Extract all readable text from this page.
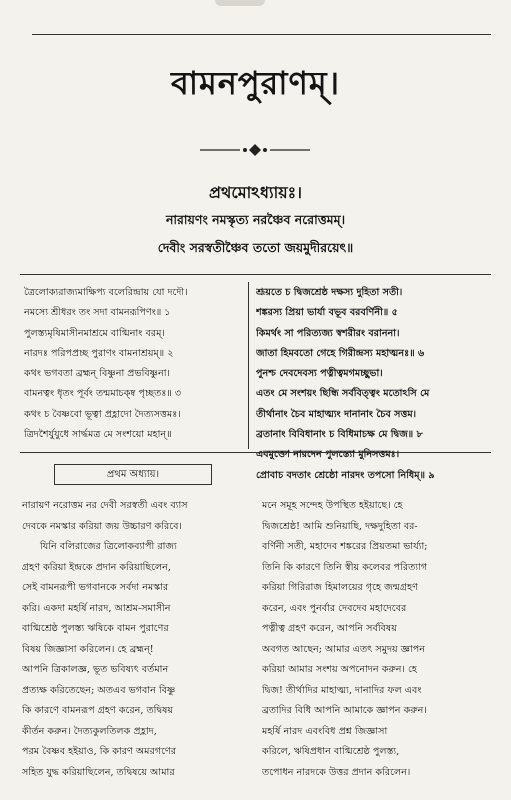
বামনপুরাণম্।
প্রথমোঽধ্যায়ঃ।
নারায়ণং নমস্কৃত্য নরঞ্চৈব নরোত্তমম্।
দেবীং সরস্বতীঞ্চৈব ততো জয়মুদীরয়েৎ॥
ত্রৈলোক্যরাজ্যমাক্ষিপ্য বলেরিন্দ্রায় যো দদৌ।
নমস্যে শ্রীধরং তং সদা বামনরূপিণং॥ ১
পুলস্ত্যমৃষিমাসীনমাশ্রমে বাগ্মিনাং বরম্।
নারদঃ পরিপপ্রচ্ছ পুরাণং বামনাশ্রয়ম্॥ ২
কথং ভগবতা ব্রহ্মন্ বিষ্ণুনা প্রভবিষ্ণুনা।
বামনত্বং ধৃতং পূর্বং তন্মমাচক্ষ্ব পৃচ্ছতঃ॥ ৩
কথং চ বৈষ্ণবো ভূত্বা প্রহ্লাদো দৈত্যসত্তমঃ।
ত্রিদশৈর্যুযুধে সার্দ্ধমত্র মে সংশয়ো মহান্॥
শ্রূয়তে চ দ্বিজশ্রেষ্ঠ দক্ষস্য দুহিতা সতী।
শঙ্করস্য প্রিয়া ভার্যা বভূব বরবর্ণিনী॥ ৫
কিমর্থং সা পরিত্যজ্য স্বশরীরং বরাননা।
জাতা হিমবতো গেহে গিরীন্দ্রস্য মহাত্মনঃ॥ ৬
পুনশ্চ দেবদেবস্য পত্নীত্বমগমচ্ছুভা।
এতং মে সংশয়ং ছিন্ধি সর্ববিত্ত্বং মতোঽসি মে
তীর্থানাং চৈব মাহাত্ম্যং দানানাং চৈব সত্তম।
ব্রতানাং বিবিধানাং চ বিধিমাচক্ষ মে দ্বিজ॥ ৮
এবমুক্তো নারদেন পুলস্ত্যো মুনিসত্তমঃ।
প্রোবাচ বদতাং শ্রেষ্ঠো নারদং তপসো নিধিম্॥ ৯
প্রথম অধ্যায়।
নারায়ণ নরোত্তম নর দেবী সরস্বতী এবং ব্যাস
দেবকে নমস্কার করিয়া জয় উচ্চারণ করিবে।
যিনি বলিরাজের ত্রিলোকব্যাপী রাজ্য
গ্রহণ করিয়া ইন্দ্রকে প্রদান করিয়াছিলেন,
সেই বামনরূপী ভগবানকে সর্বদা নমস্কার
করি। একদা মহর্ষি নারদ, আশ্রম-সমাসীন
বাগ্মিশ্রেষ্ঠ পুলস্ত্য ঋষিকে বামন পুরাণের
বিষয় জিজ্ঞাসা করিলেন। হে ব্রহ্মন্!
আপনি ত্রিকালজ্ঞ, ভূত ভবিষ্যৎ বর্তমান
প্রত্যক্ষ করিতেছেন; অতএব ভগবান বিষ্ণু
কি কারণে বামনরূপ গ্রহণ করেন, তদ্বিষয়
কীর্তন করুন। দৈত্যকুলতিলক প্রহ্লাদ,
পরম বৈষ্ণব হইয়াও, কি কারণ অমরগণের
সহিত যুদ্ধ করিয়াছিলেন, তদ্বিষয়ে আমার
মনে সমূহ সন্দেহ উপস্থিত হইয়াছে। হে
দ্বিজশ্রেষ্ঠ! আমি শুনিয়াছি, দক্ষদুহিতা বর-
বর্ণিনী সতী, মহাদেব শঙ্করের প্রিয়তমা ভার্য্যা;
তিনি কি কারণে তিনি স্বীয় কলেবর পরিত্যাগ
করিয়া গিরিরাজ হিমালয়ের গৃহে জন্মগ্রহণ
করেন, এবং পুনর্বার দেবদেব মহাদেবের
পত্নীত্ব গ্রহণ করেন, আপনি সর্ববিষয়
অবগত আছেন; আমার এতৎ সমুদয় জ্ঞাপন
করিয়া আমার সংশয় অপনোদন করুন। হে
দ্বিজ! তীর্থাদির মাহাত্ম্য, দানাদির ফল এবং
ব্রতাদির বিধি আপনি আমাকে জ্ঞাপন করুন।
মহর্ষি নারদ এবংবিধ প্রশ্ন জিজ্ঞাসা
করিলে, ঋষিপ্রধান বাগ্মিশ্রেষ্ঠ পুলস্ত্য,
তপোধন নারদকে উত্তর প্রদান করিলেন।
